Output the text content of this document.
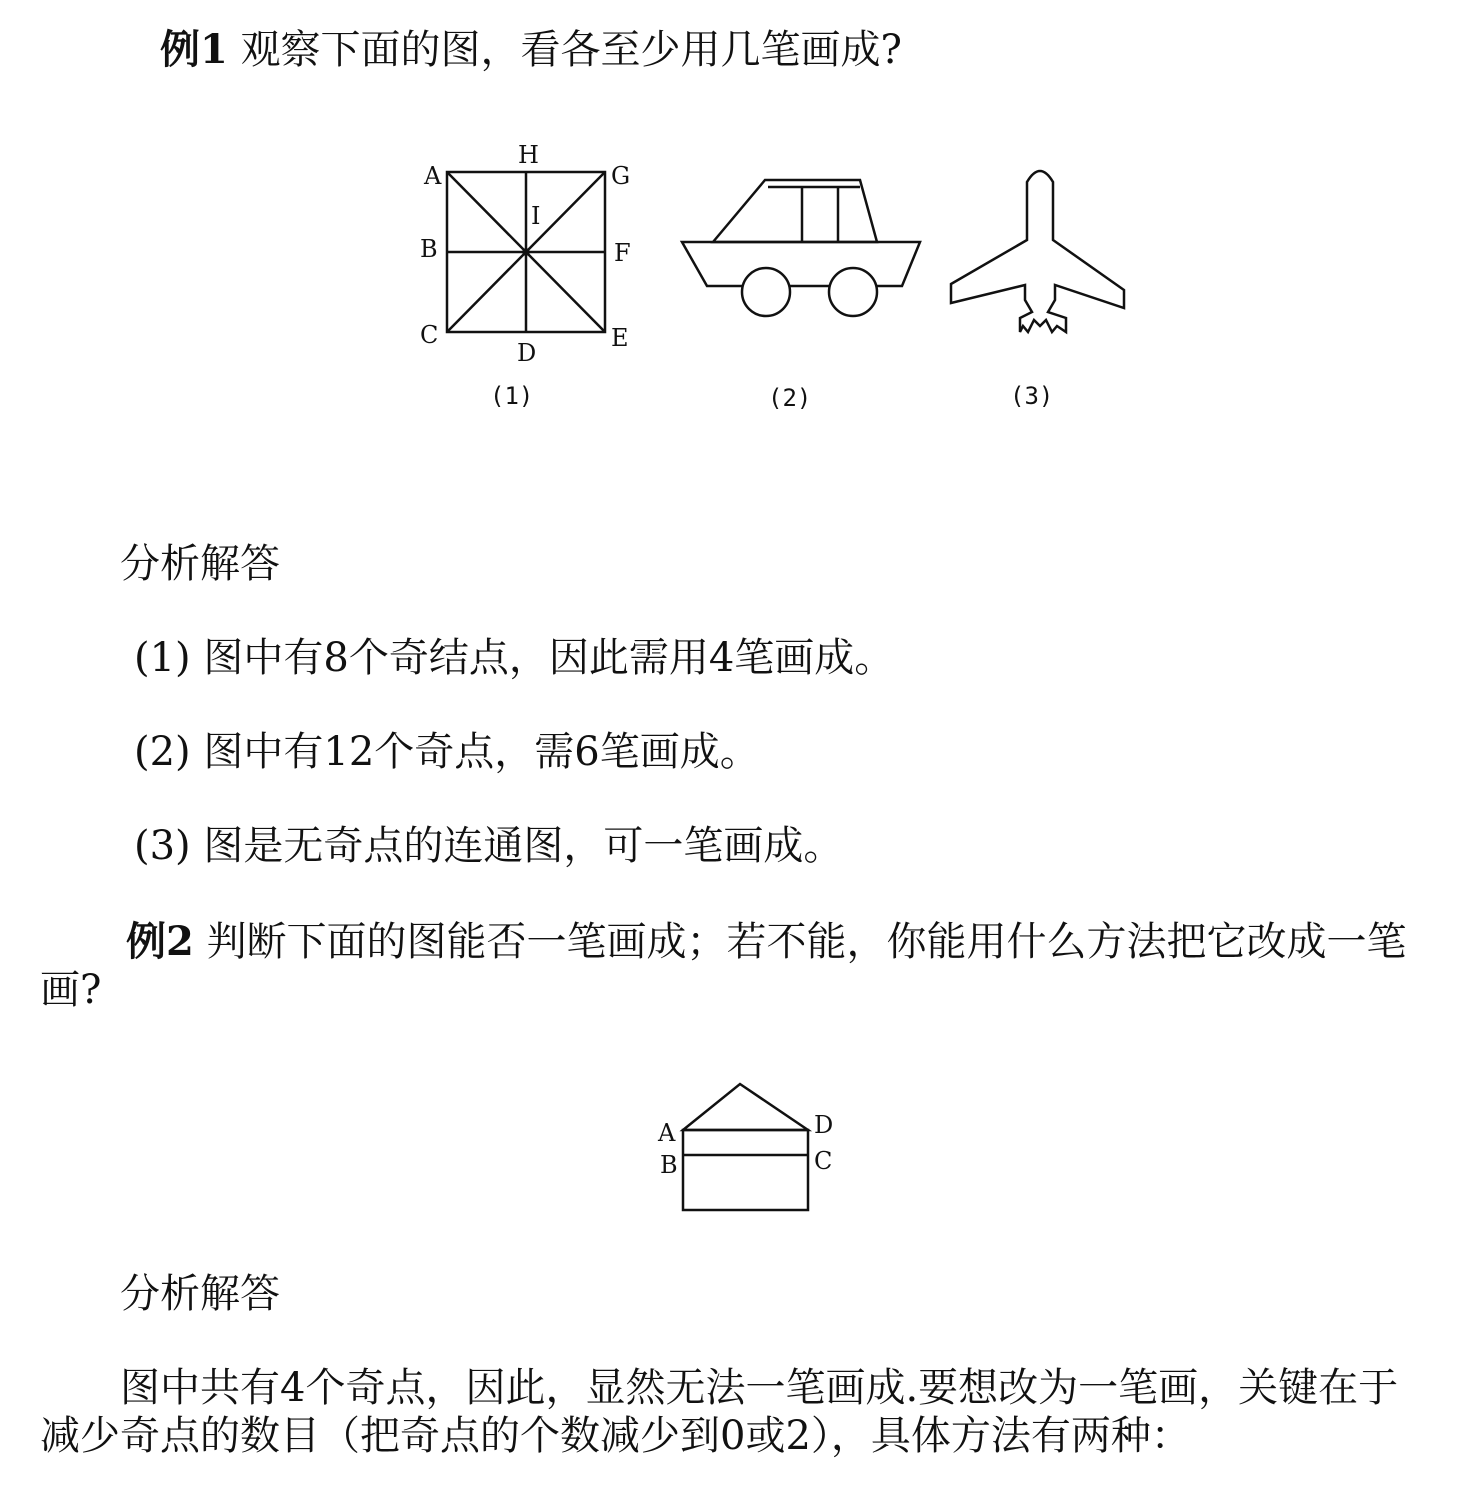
例1 观察下面的图，看各至少用几笔画成?
A
H
G
I
B	F
C
D
E
(1)	(2)	(3)
分析解答
(1) 图中有8个奇结点，因此需用4笔画成。
(2) 图中有12个奇点，需6笔画成。
(3) 图是无奇点的连通图，可一笔画成。
例2 判断下面的图能否一笔画成；若不能，你能用什么方法把它改成一笔
画?
A
B
D
C
分析解答
图中共有4个奇点，因此，显然无法一笔画成.要想改为一笔画，关键在于
减少奇点的数目（把奇点的个数减少到0或2），具体方法有两种：
